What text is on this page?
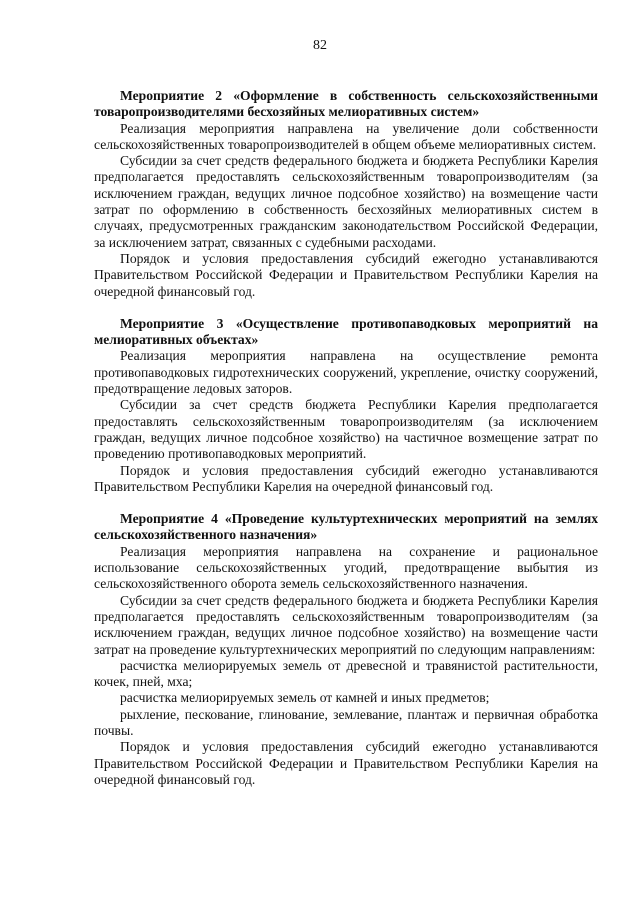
82

Мероприятие 2 «Оформление в собственность сельскохозяйственными товаропроизводителями бесхозяйных мелиоративных систем»

Реализация мероприятия направлена на увеличение доли собственности сельскохозяйственных товаропроизводителей в общем объеме мелиоративных систем.

Субсидии за счет средств федерального бюджета и бюджета Республики Карелия предполагается предоставлять сельскохозяйственным товаропроизводителям (за исключением граждан, ведущих личное подсобное хозяйство) на возмещение части затрат по оформлению в собственность бесхозяйных мелиоративных систем в случаях, предусмотренных гражданским законодательством Российской Федерации, за исключением затрат, связанных с судебными расходами.

Порядок и условия предоставления субсидий ежегодно устанавливаются Правительством Российской Федерации и Правительством Республики Карелия на очередной финансовый год.

Мероприятие 3 «Осуществление противопаводковых мероприятий на мелиоративных объектах»

Реализация мероприятия направлена на осуществление ремонта противопаводковых гидротехнических сооружений, укрепление, очистку сооружений, предотвращение ледовых заторов.

Субсидии за счет средств бюджета Республики Карелия предполагается предоставлять сельскохозяйственным товаропроизводителям (за исключением граждан, ведущих личное подсобное хозяйство) на частичное возмещение затрат по проведению противопаводковых мероприятий.

Порядок и условия предоставления субсидий ежегодно устанавливаются Правительством Республики Карелия на очередной финансовый год.

Мероприятие 4 «Проведение культуртехнических мероприятий на землях сельскохозяйственного назначения»

Реализация мероприятия направлена на сохранение и рациональное использование сельскохозяйственных угодий, предотвращение выбытия из сельскохозяйственного оборота земель сельскохозяйственного назначения.

Субсидии за счет средств федерального бюджета и бюджета Республики Карелия предполагается предоставлять сельскохозяйственным товаропроизводителям (за исключением граждан, ведущих личное подсобное хозяйство) на возмещение части затрат на проведение культуртехнических мероприятий по следующим направлениям:

расчистка мелиорируемых земель от древесной и травянистой растительности, кочек, пней, мха;

расчистка мелиорируемых земель от камней и иных предметов;

рыхление, пескование, глинование, землевание, плантаж и первичная обработка почвы.

Порядок и условия предоставления субсидий ежегодно устанавливаются Правительством Российской Федерации и Правительством Республики Карелия на очередной финансовый год.
